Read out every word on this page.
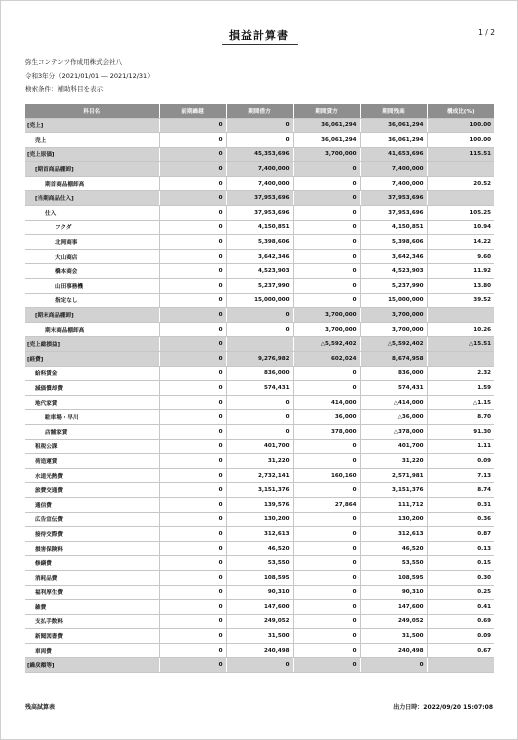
損益計算書	1 / 2
弥生コンテンツ作成用株式会社八
令和3年分（2021/01/01 ― 2021/12/31）
検索条件：補助科目を表示
科目名	前期繰越	期間借方	期間貸方	期間残高	構成比(%)
[売上]	0	0	36,061,294	36,061,294	100.00
売上	0	0	36,061,294	36,061,294	100.00
[売上原価]	0	45,353,696	3,700,000	41,653,696	115.51
[期首商品棚卸]	0	7,400,000	0	7,400,000	
期首商品棚卸高	0	7,400,000	0	7,400,000	20.52
[当期商品仕入]	0	37,953,696	0	37,953,696	
仕入	0	37,953,696	0	37,953,696	105.25
フクダ	0	4,150,851	0	4,150,851	10.94
北岡商事	0	5,398,606	0	5,398,606	14.22
大山商店	0	3,642,346	0	3,642,346	9.60
橋本商会	0	4,523,903	0	4,523,903	11.92
山田事務機	0	5,237,990	0	5,237,990	13.80
指定なし	0	15,000,000	0	15,000,000	39.52
[期末商品棚卸]	0	0	3,700,000	3,700,000	
期末商品棚卸高	0	0	3,700,000	3,700,000	10.26
[売上総損益]	0		△5,592,402	△5,592,402	△15.51
[経費]	0	9,276,982	602,024	8,674,958	
給料賃金	0	836,000	0	836,000	2.32
減価償却費	0	574,431	0	574,431	1.59
地代家賃	0	0	414,000	△414,000	△1.15
駐車場・早川	0	0	36,000	△36,000	8.70
店舗家賃	0	0	378,000	△378,000	91.30
租税公課	0	401,700	0	401,700	1.11
荷造運賃	0	31,220	0	31,220	0.09
水道光熱費	0	2,732,141	160,160	2,571,981	7.13
旅費交通費	0	3,151,376	0	3,151,376	8.74
通信費	0	139,576	27,864	111,712	0.31
広告宣伝費	0	130,200	0	130,200	0.36
接待交際費	0	312,613	0	312,613	0.87
損害保険料	0	46,520	0	46,520	0.13
修繕費	0	53,550	0	53,550	0.15
消耗品費	0	108,595	0	108,595	0.30
福利厚生費	0	90,310	0	90,310	0.25
雑費	0	147,600	0	147,600	0.41
支払手数料	0	249,052	0	249,052	0.69
新聞図書費	0	31,500	0	31,500	0.09
車両費	0	240,498	0	240,498	0.67
[繰戻額等]	0	0	0	0	
残高試算表	出力日時：2022/09/20 15:07:08
